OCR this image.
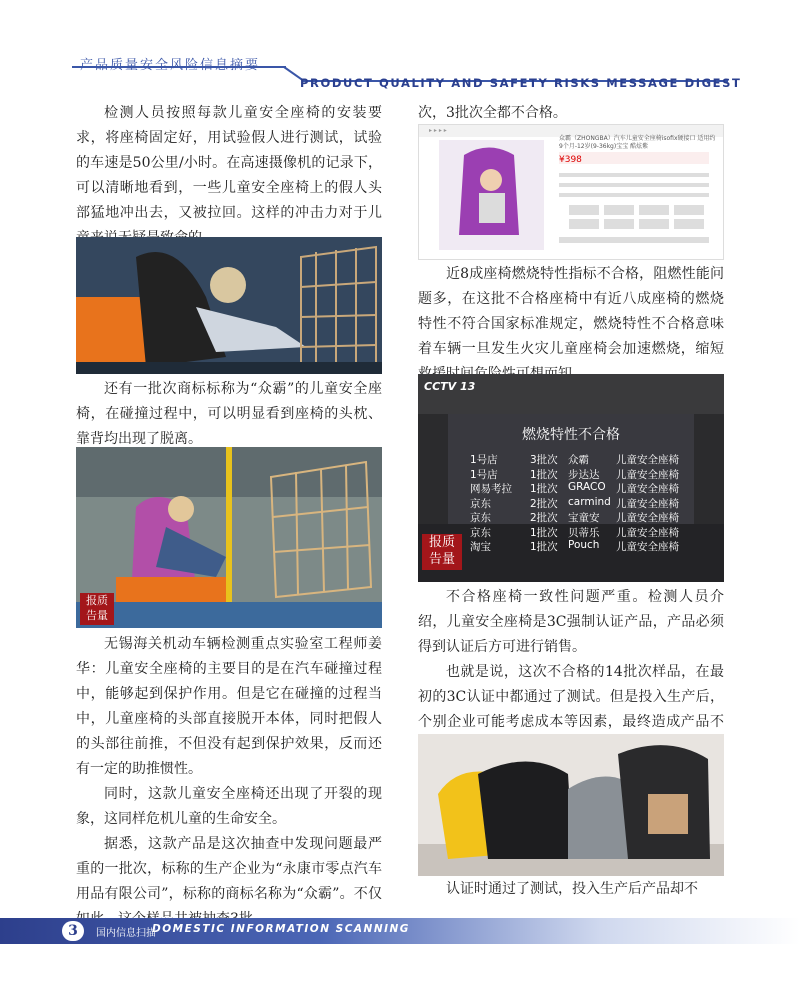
PRODUCT QUALITY AND SAFETY RISKS MESSAGE DIGEST

检测人员按照每款儿童安全座椅的安装要求，将座椅固定好，用试验假人进行测试，试验的车速是50公里/小时。在高速摄像机的记录下，可以清晰地看到，一些儿童安全座椅上的假人头部猛地冲出去，又被拉回。这样的冲击力对于儿

还有一批次商标标称为“众霸”的儿童安全座椅，在碰撞过程中，可以明显看到座椅的头枕、靠背均出现了脱离。

报质
告量

无锡海关机动车辆检测重点实验室工程师姜华：儿童安全座椅的主要目的是在汽车碰撞过程中，能够起到保护作用。但是它在碰撞的过程当中，儿童座椅的头部直接脱开本体，同时把假人的头部往前推，不但没有起到保护效果，反而还有一定的助推惯性。

同时，这款儿童安全座椅还出现了开裂的现象，这同样危机儿童的生命安全。

据悉，这款产品是这次抽查中发现问题最严重的一批次，标称的生产企业为“永康市零点汽车用品有限公司”，标称的商标名称为“众霸”。不仅

次，3批次全都不合格。

▸ ▸ ▸ ▸
众霸（ZHONGBA）汽车儿童安全座椅isofix硬接口 适用约9个月-12岁(9-36kg)宝宝 酷炫紫
¥398

近8成座椅燃烧特性指标不合格，阻燃性能问题多，在这批不合格座椅中有近八成座椅的燃烧特性不符合国家标准规定，燃烧特性不合格意味着车辆一旦发生火灾儿童座椅会加速燃烧，缩短

CCTV 13
燃烧特性不合格
1号店	3批次 众霸	儿童安全座椅
1号店	1批次 步达达 儿童安全座椅
网易考拉 1批次 GRACO 儿童安全座椅
京东	2批次 carmind 儿童安全座椅
京东	2批次 宝童安 儿童安全座椅
京东	1批次 贝蒂乐 儿童安全座椅
淘宝	1批次 Pouch 儿童安全座椅
报质
告量

不合格座椅一致性问题严重。检测人员介绍，儿童安全座椅是3C强制认证产品，产品必须得到认证后方可进行销售。

也就是说，这次不合格的14批次样品，在最初的3C认证中都通过了测试。但是投入生产后，个别企业可能考虑成本等因素，最终造成产品不

认证时通过了测试，投入生产后产品却不

3	国内信息扫描
DOMESTIC INFORMATION SCANNING
